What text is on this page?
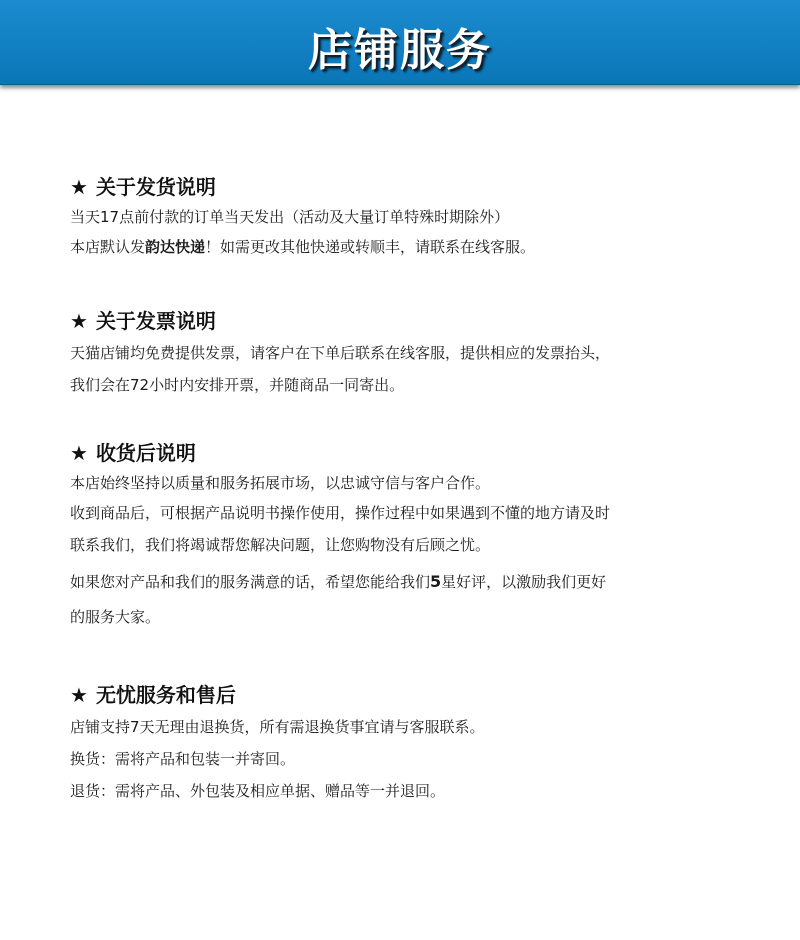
店铺服务
★ 关于发货说明
当天17点前付款的订单当天发出（活动及大量订单特殊时期除外）
本店默认发韵达快递！如需更改其他快递或转顺丰，请联系在线客服。
★ 关于发票说明
天猫店铺均免费提供发票，请客户在下单后联系在线客服，提供相应的发票抬头，
我们会在72小时内安排开票，并随商品一同寄出。
★ 收货后说明
本店始终坚持以质量和服务拓展市场，以忠诚守信与客户合作。
收到商品后，可根据产品说明书操作使用，操作过程中如果遇到不懂的地方请及时
联系我们，我们将竭诚帮您解决问题，让您购物没有后顾之忧。
如果您对产品和我们的服务满意的话，希望您能给我们5星好评，以激励我们更好
的服务大家。
★ 无忧服务和售后
店铺支持7天无理由退换货，所有需退换货事宜请与客服联系。
换货：需将产品和包装一并寄回。
退货：需将产品、外包装及相应单据、赠品等一并退回。
